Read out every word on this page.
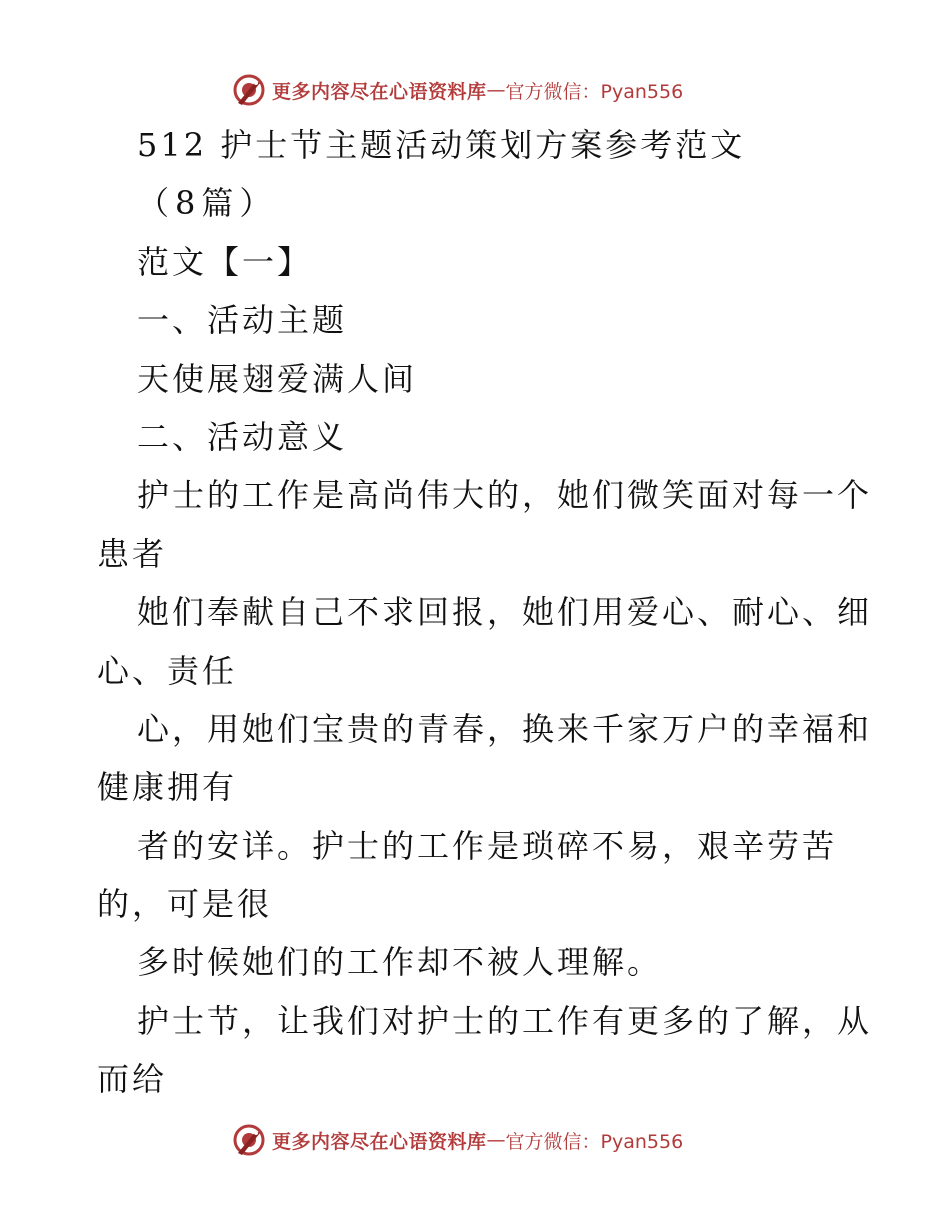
更多内容尽在心语资料库 — 官方微信：Pyan556
512 护士节主题活动策划方案参考范文
（8篇）
范文【一】
一、活动主题
天使展翅爱满人间
二、活动意义
护士的工作是高尚伟大的，她们微笑面对每一个
患者
她们奉献自己不求回报，她们用爱心、耐心、细
心、责任
心，用她们宝贵的青春，换来千家万户的幸福和
健康拥有
者的安详。护士的工作是琐碎不易，艰辛劳苦
的，可是很
多时候她们的工作却不被人理解。
护士节，让我们对护士的工作有更多的了解，从
而给
更多内容尽在心语资料库 — 官方微信：Pyan556
